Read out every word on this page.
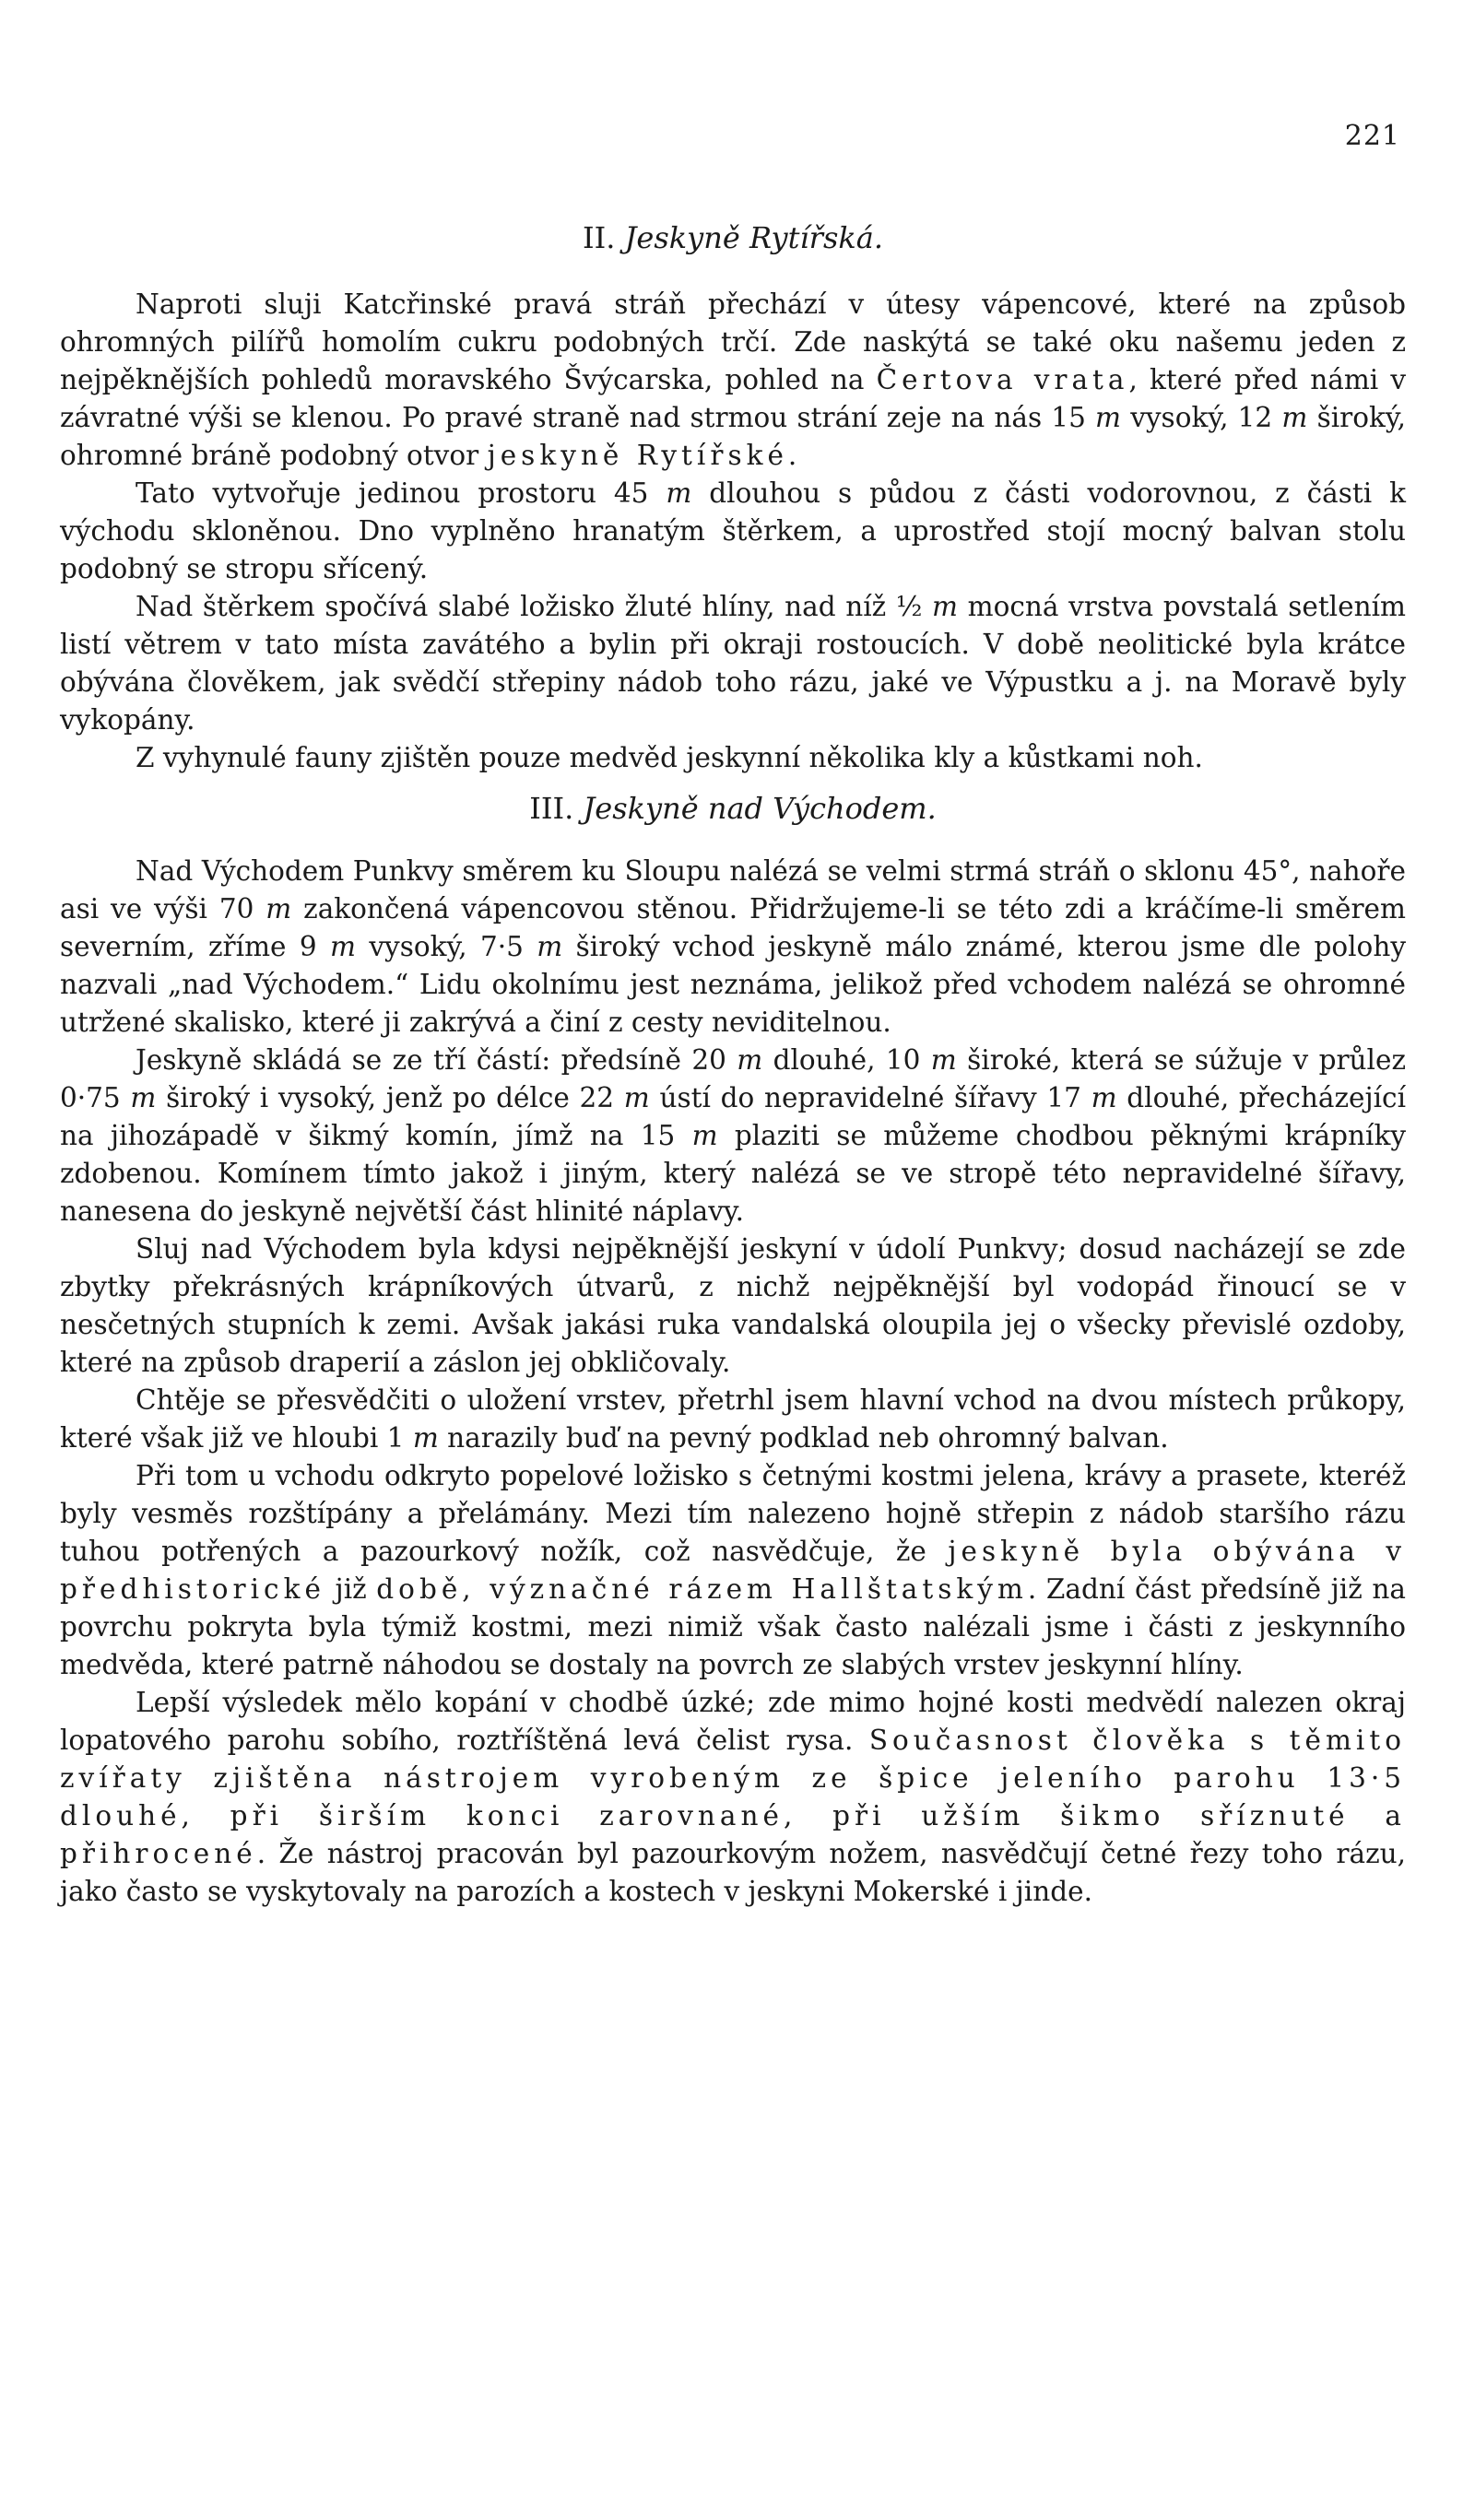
221
II. Jeskyně Rytířská.

Naproti sluji Katcřinské pravá stráň přechází v útesy vápencové, které na způsob ohromných pilířů homolím cukru podobných trčí. Zde naskýtá se také oku našemu jeden z nejpěknějších pohledů moravského Švýcarska, pohled na Čertova vrata, které před námi v závratné výši se klenou. Po pravé straně nad strmou strání zeje na nás 15 m vysoký, 12 m široký, ohromné bráně podobný otvor jeskyně Rytířské.

Tato vytvořuje jedinou prostoru 45 m dlouhou s půdou z části vodorovnou, z části k východu skloněnou. Dno vyplněno hranatým štěrkem, a uprostřed stojí mocný balvan stolu podobný se stropu sřícený.

Nad štěrkem spočívá slabé ložisko žluté hlíny, nad níž ½ m mocná vrstva povstalá setlením listí větrem v tato místa zavátého a bylin při okraji rostoucích. V době neolitické byla krátce obývána člověkem, jak svědčí střepiny nádob toho rázu, jaké ve Výpustku a j. na Moravě byly vykopány.

Z vyhynulé fauny zjištěn pouze medvěd jeskynní několika kly a kůstkami noh.

III. Jeskyně nad Východem.

Nad Východem Punkvy směrem ku Sloupu nalézá se velmi strmá stráň o sklonu 45°, nahoře asi ve výši 70 m zakončená vápencovou stěnou. Přidržujeme-li se této zdi a kráčíme-li směrem severním, zříme 9 m vysoký, 7·5 m široký vchod jeskyně málo známé, kterou jsme dle polohy nazvali „nad Východem.“ Lidu okolnímu jest neznáma, jelikož před vchodem nalézá se ohromné utržené skalisko, které ji zakrývá a činí z cesty neviditelnou.

Jeskyně skládá se ze tří částí: předsíně 20 m dlouhé, 10 m široké, která se súžuje v průlez 0·75 m široký i vysoký, jenž po délce 22 m ústí do nepravidelné šířavy 17 m dlouhé, přecházející na jihozápadě v šikmý komín, jímž na 15 m plaziti se můžeme chodbou pěknými krápníky zdobenou. Komínem tímto jakož i jiným, který nalézá se ve stropě této nepravidelné šířavy, nanesena do jeskyně největší část hlinité náplavy.

Sluj nad Východem byla kdysi nejpěknější jeskyní v údolí Punkvy; dosud nacházejí se zde zbytky překrásných krápníkových útvarů, z nichž nejpěknější byl vodopád řinoucí se v nesčetných stupních k zemi. Avšak jakási ruka vandalská oloupila jej o všecky převislé ozdoby, které na způsob draperií a záslon jej obkličovaly.

Chtěje se přesvědčiti o uložení vrstev, přetrhl jsem hlavní vchod na dvou místech průkopy, které však již ve hloubi 1 m narazily buď na pevný podklad neb ohromný balvan.

Při tom u vchodu odkryto popelové ložisko s četnými kostmi jelena, krávy a prasete, kteréž byly vesměs rozštípány a přelámány. Mezi tím nalezeno hojně střepin z nádob staršího rázu tuhou potřených a pazourkový nožík, což nasvědčuje, že jeskyně byla obývána v předhistorické již době, význačné rázem Hallštatským. Zadní část předsíně již na povrchu pokryta byla týmiž kostmi, mezi nimiž však často nalézali jsme i části z jeskynního medvěda, které patrně náhodou se dostaly na povrch ze slabých vrstev jeskynní hlíny.

Lepší výsledek mělo kopání v chodbě úzké; zde mimo hojné kosti medvědí nalezen okraj lopatového parohu sobího, roztříštěná levá čelist rysa. Současnost člověka s těmito zvířaty zjištěna nástrojem vyrobeným ze špice jeleního parohu 13·5 dlouhé, při širším konci zarovnané, při užším šikmo sříznuté a přihrocené. Že nástroj pracován byl pazourkovým nožem, nasvědčují četné řezy toho rázu, jako často se vyskytovaly na parozích a kostech v jeskyni Mokerské i jinde.
